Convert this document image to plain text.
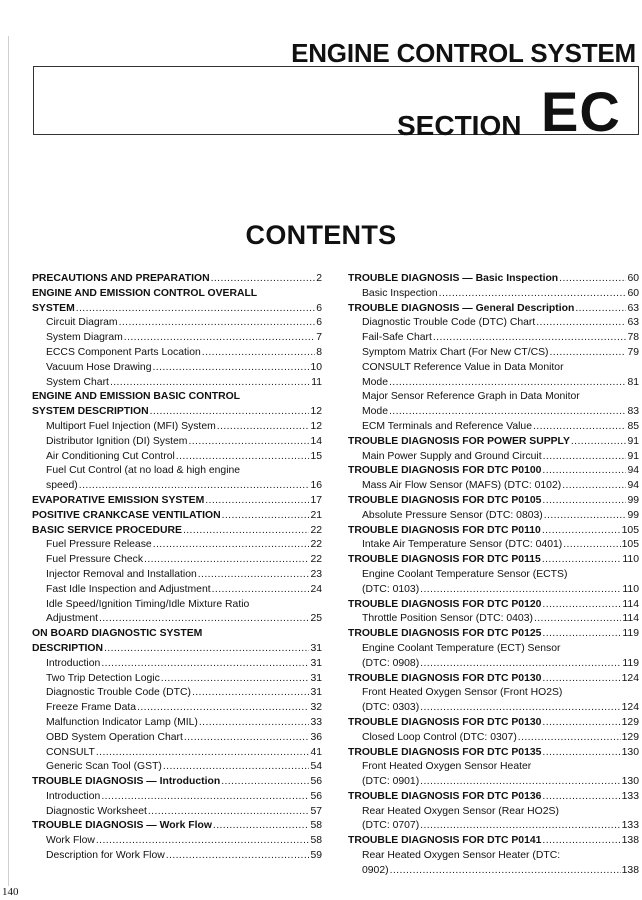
ENGINE CONTROL SYSTEM
SECTION EC
CONTENTS
PRECAUTIONS AND PREPARATION .....	2
ENGINE AND EMISSION CONTROL OVERALL
SYSTEM .....	6
Circuit Diagram .....	6
System Diagram .....	7
ECCS Component Parts Location .....	8
Vacuum Hose Drawing .....	10
System Chart .....	11
ENGINE AND EMISSION BASIC CONTROL
SYSTEM DESCRIPTION .....	12
Multiport Fuel Injection (MFI) System .....	12
Distributor Ignition (DI) System .....	14
Air Conditioning Cut Control .....	15
Fuel Cut Control (at no load & high engine
speed) .....	16
EVAPORATIVE EMISSION SYSTEM .....	17
POSITIVE CRANKCASE VENTILATION .....	21
BASIC SERVICE PROCEDURE .....	22
Fuel Pressure Release .....	22
Fuel Pressure Check .....	22
Injector Removal and Installation .....	23
Fast Idle Inspection and Adjustment .....	24
Idle Speed/Ignition Timing/Idle Mixture Ratio
Adjustment .....	25
ON BOARD DIAGNOSTIC SYSTEM
DESCRIPTION .....	31
Introduction .....	31
Two Trip Detection Logic .....	31
Diagnostic Trouble Code (DTC) .....	31
Freeze Frame Data .....	32
Malfunction Indicator Lamp (MIL) .....	33
OBD System Operation Chart .....	36
CONSULT .....	41
Generic Scan Tool (GST) .....	54
TROUBLE DIAGNOSIS — Introduction .....	56
Introduction .....	56
Diagnostic Worksheet .....	57
TROUBLE DIAGNOSIS — Work Flow .....	58
Work Flow .....	58
Description for Work Flow .....	59
TROUBLE DIAGNOSIS — Basic Inspection .....	60
Basic Inspection .....	60
TROUBLE DIAGNOSIS — General Description .....	63
Diagnostic Trouble Code (DTC) Chart .....	63
Fail-Safe Chart .....	78
Symptom Matrix Chart (For New CT/CS) .....	79
CONSULT Reference Value in Data Monitor
Mode .....	81
Major Sensor Reference Graph in Data Monitor
Mode .....	83
ECM Terminals and Reference Value .....	85
TROUBLE DIAGNOSIS FOR POWER SUPPLY .....	91
Main Power Supply and Ground Circuit .....	91
TROUBLE DIAGNOSIS FOR DTC P0100 .....	94
Mass Air Flow Sensor (MAFS) (DTC: 0102) .....	94
TROUBLE DIAGNOSIS FOR DTC P0105 .....	99
Absolute Pressure Sensor (DTC: 0803) .....	99
TROUBLE DIAGNOSIS FOR DTC P0110 .....	105
Intake Air Temperature Sensor (DTC: 0401) .....	105
TROUBLE DIAGNOSIS FOR DTC P0115 .....	110
Engine Coolant Temperature Sensor (ECTS)
(DTC: 0103) .....	110
TROUBLE DIAGNOSIS FOR DTC P0120 .....	114
Throttle Position Sensor (DTC: 0403) .....	114
TROUBLE DIAGNOSIS FOR DTC P0125 .....	119
Engine Coolant Temperature (ECT) Sensor
(DTC: 0908) .....	119
TROUBLE DIAGNOSIS FOR DTC P0130 .....	124
Front Heated Oxygen Sensor (Front HO2S)
(DTC: 0303) .....	124
TROUBLE DIAGNOSIS FOR DTC P0130 .....	129
Closed Loop Control (DTC: 0307) .....	129
TROUBLE DIAGNOSIS FOR DTC P0135 .....	130
Front Heated Oxygen Sensor Heater
(DTC: 0901) .....	130
TROUBLE DIAGNOSIS FOR DTC P0136 .....	133
Rear Heated Oxygen Sensor (Rear HO2S)
(DTC: 0707) .....	133
TROUBLE DIAGNOSIS FOR DTC P0141 .....	138
Rear Heated Oxygen Sensor Heater (DTC:
0902) .....	138
140
